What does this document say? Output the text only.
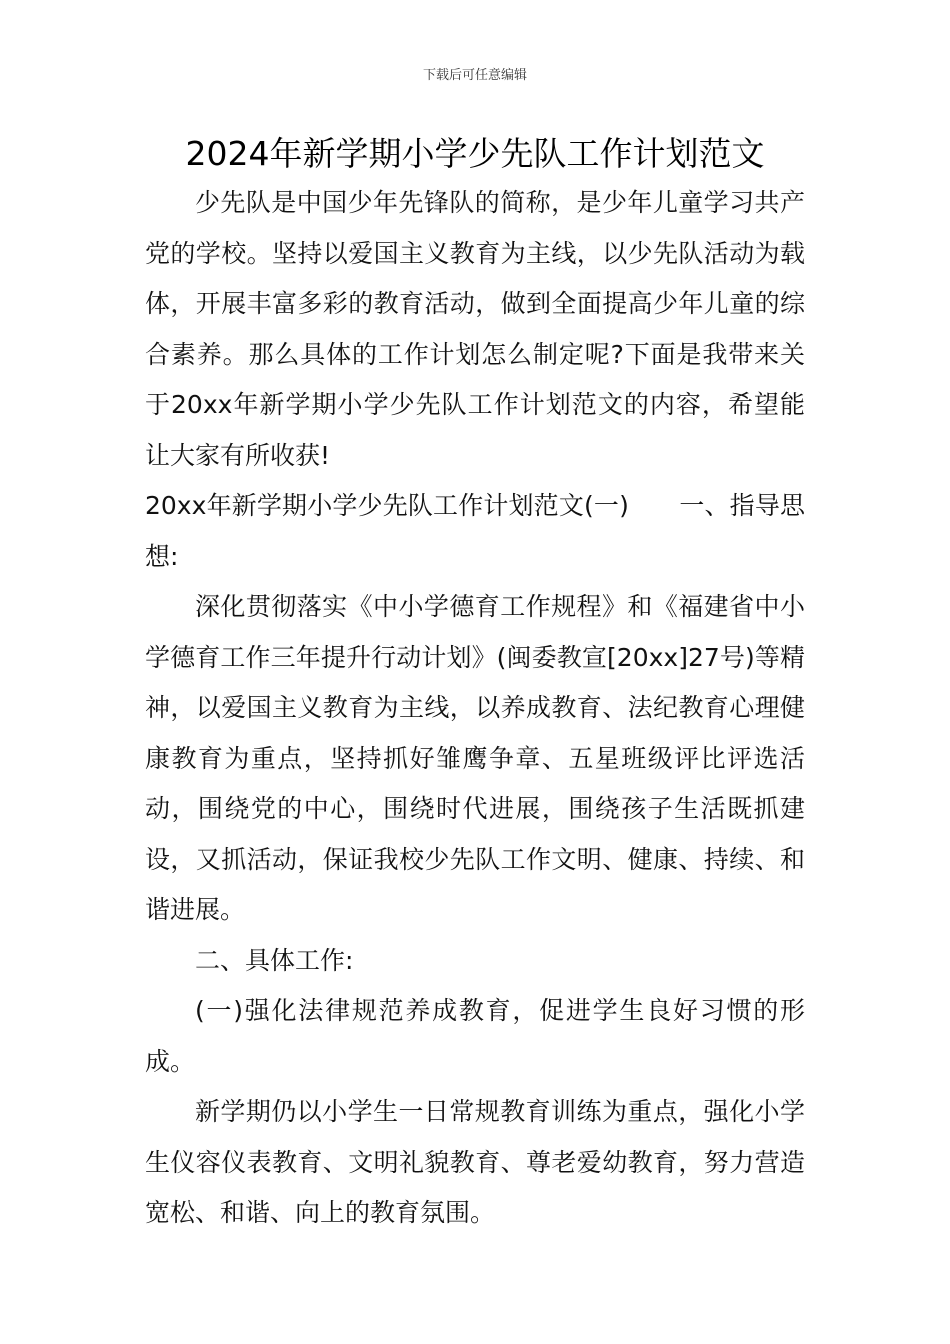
下载后可任意编辑
2024年新学期小学少先队工作计划范文

少先队是中国少年先锋队的简称，是少年儿童学习共产党的学校。坚持以爱国主义教育为主线，以少先队活动为载体，开展丰富多彩的教育活动，做到全面提高少年儿童的综合素养。那么具体的工作计划怎么制定呢?下面是我带来关于20xx年新学期小学少先队工作计划范文的内容，希望能让大家有所收获!

20xx年新学期小学少先队工作计划范文(一)　　一、指导思想:

深化贯彻落实《中小学德育工作规程》和《福建省中小学德育工作三年提升行动计划》(闽委教宣[20xx]27号)等精神，以爱国主义教育为主线，以养成教育、法纪教育心理健康教育为重点，坚持抓好雏鹰争章、五星班级评比评选活动，围绕党的中心，围绕时代进展，围绕孩子生活既抓建设，又抓活动，保证我校少先队工作文明、健康、持续、和谐进展。

二、具体工作:

(一)强化法律规范养成教育，促进学生良好习惯的形成。

新学期仍以小学生一日常规教育训练为重点，强化小学生仪容仪表教育、文明礼貌教育、尊老爱幼教育，努力营造宽松、和谐、向上的教育氛围。
